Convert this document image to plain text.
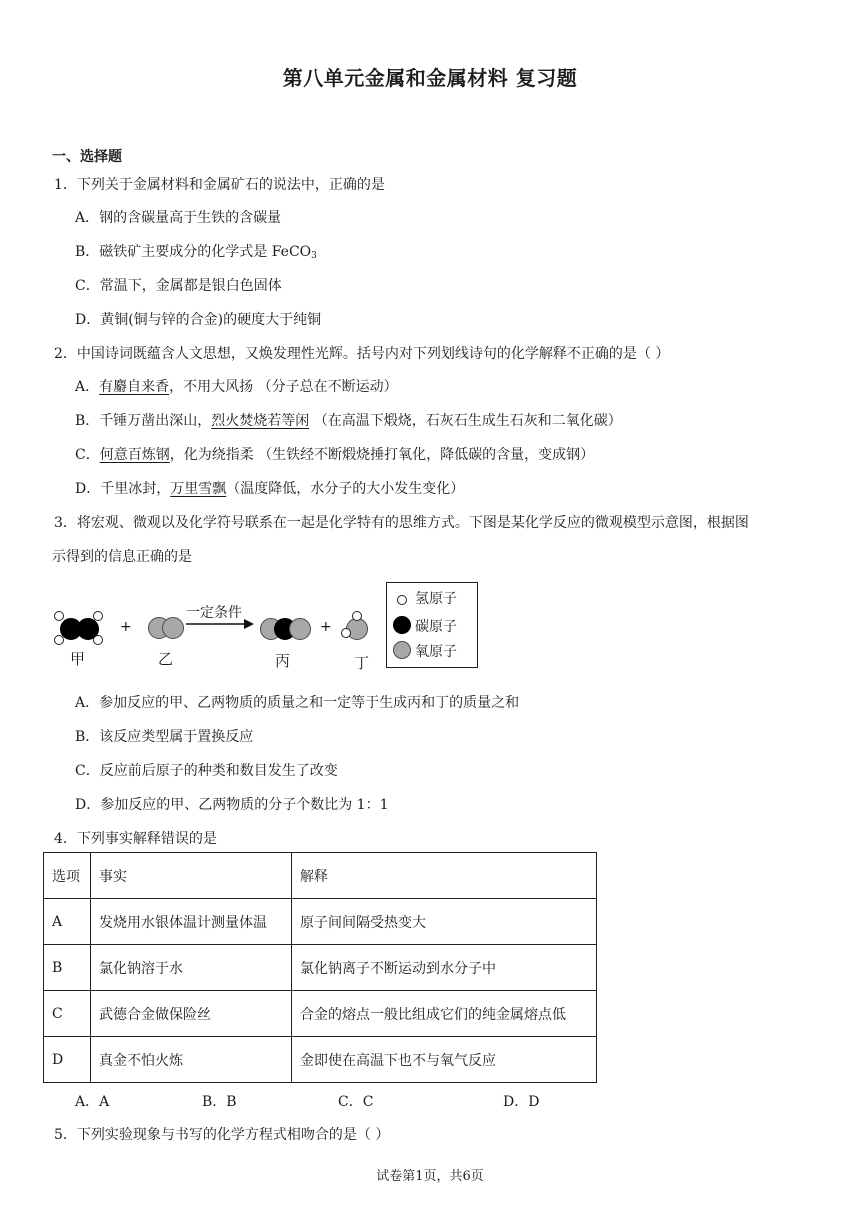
第八单元金属和金属材料 复习题
一、选择题
1．下列关于金属材料和金属矿石的说法中，正确的是
A．钢的含碳量高于生铁的含碳量
B．磁铁矿主要成分的化学式是 FeCO$_3$
C．常温下，金属都是银白色固体
D．黄铜(铜与锌的合金)的硬度大于纯铜
2．中国诗词既蕴含人文思想，又焕发理性光辉。括号内对下列划线诗句的化学解释不正确的是（ ）
A．有麝自来香，不用大风扬 （分子总在不断运动）
B．千锤万凿出深山，烈火焚烧若等闲 （在高温下煅烧，石灰石生成生石灰和二氧化碳）
C．何意百炼钢，化为绕指柔 （生铁经不断煅烧捶打氧化，降低碳的含量，变成钢）
D．千里冰封，万里雪飘（温度降低，水分子的大小发生变化）
3．将宏观、微观以及化学符号联系在一起是化学特有的思维方式。下图是某化学反应的微观模型示意图，根据图
示得到的信息正确的是
甲
+
乙
一定条件
丙
+
丁
氢原子
碳原子
氧原子
A．参加反应的甲、乙两物质的质量之和一定等于生成丙和丁的质量之和
B．该反应类型属于置换反应
C．反应前后原子的种类和数目发生了改变
D．参加反应的甲、乙两物质的分子个数比为 1：1
4．下列事实解释错误的是
选项	事实	解释
A	发烧用水银体温计测量体温	原子间间隔受热变大
B	氯化钠溶于水	氯化钠离子不断运动到水分子中
C	武德合金做保险丝	合金的熔点一般比组成它们的纯金属熔点低
D	真金不怕火炼	金即使在高温下也不与氧气反应
A．A	B．B	C．C	D．D
5．下列实验现象与书写的化学方程式相吻合的是（ ）
试卷第1页，共6页
